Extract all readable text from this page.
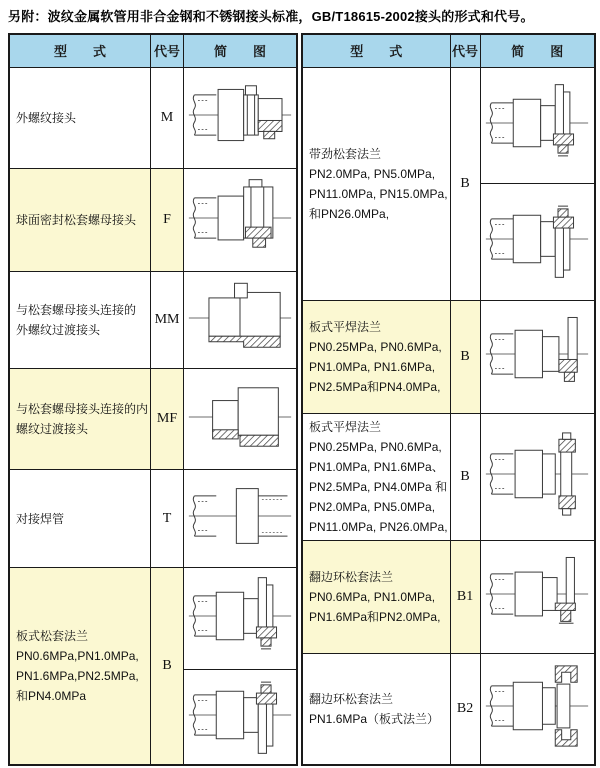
另附：波纹金属软管用非合金钢和不锈钢接头标准，GB/T18615-2002接头的形式和代号。
型　　式	代号	简　　图

外螺纹接头	M	

球面密封松套螺母接头	F	

与松套螺母接头连接的
外螺纹过渡接头	MM	

与松套螺母接头连接的内
螺纹过渡接头	MF	

对接焊管	T	

板式松套法兰
PN0.6MPa,PN1.0MPa,
PN1.6MPa,PN2.5MPa,
和PN4.0MPa	B	

型　　式	代号	简　　图

带劲松套法兰
PN2.0MPa, PN5.0MPa,
PN11.0MPa, PN15.0MPa,
和PN26.0MPa,	B	

板式平焊法兰
PN0.25MPa, PN0.6MPa,
PN1.0MPa, PN1.6MPa,
PN2.5MPa和PN4.0MPa,	B	

板式平焊法兰
PN0.25MPa, PN0.6MPa,
PN1.0MPa, PN1.6MPa、
PN2.5MPa, PN4.0MPa 和
PN2.0MPa, PN5.0MPa,
PN11.0MPa, PN26.0MPa,
	B	

翻边环松套法兰
PN0.6MPa, PN1.0MPa,
PN1.6MPa和PN2.0MPa,	B1	

翻边环松套法兰
PN1.6MPa（板式法兰）	B2	
